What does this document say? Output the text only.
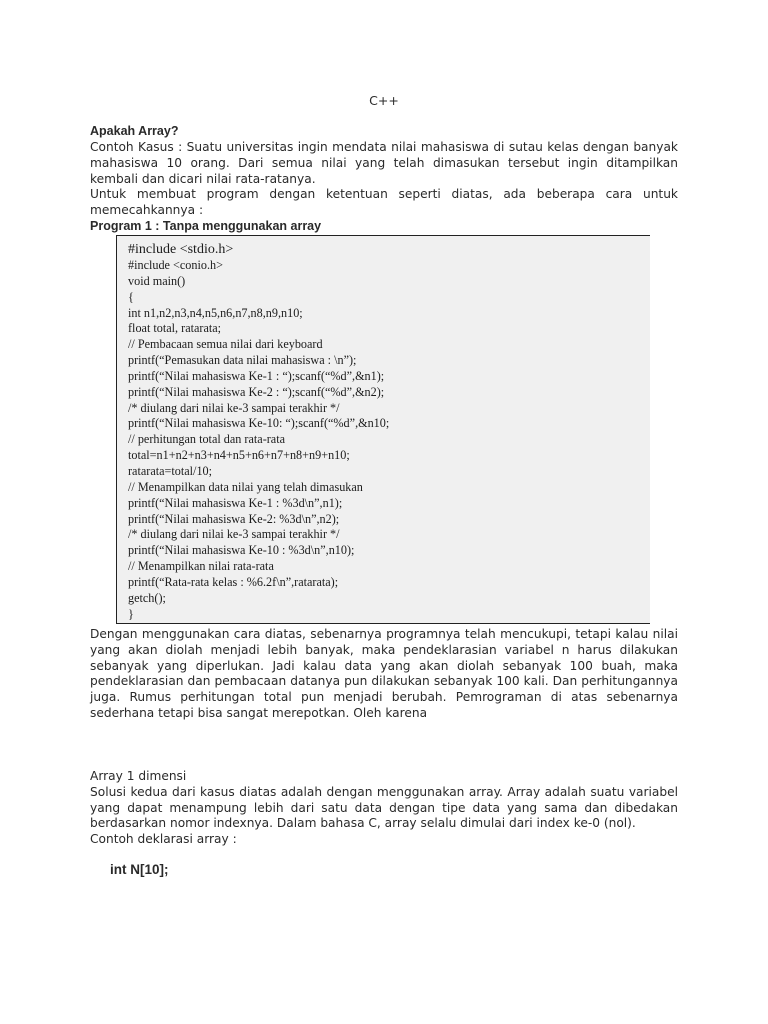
C++
Apakah Array?
Contoh Kasus : Suatu universitas ingin mendata nilai mahasiswa di sutau kelas dengan banyak mahasiswa 10 orang. Dari semua nilai yang telah dimasukan tersebut ingin ditampilkan kembali dan dicari nilai rata-ratanya.
Untuk membuat program dengan ketentuan seperti diatas, ada beberapa cara untuk memecahkannya :
Program 1 : Tanpa menggunakan array
#include <stdio.h>
#include <conio.h>
void main()
{
int n1,n2,n3,n4,n5,n6,n7,n8,n9,n10;
float total, ratarata;
// Pembacaan semua nilai dari keyboard
printf(“Pemasukan data nilai mahasiswa : \n”);
printf(“Nilai mahasiswa Ke-1 : “);scanf(“%d”,&n1);
printf(“Nilai mahasiswa Ke-2 : “);scanf(“%d”,&n2);
/* diulang dari nilai ke-3 sampai terakhir */
printf(“Nilai mahasiswa Ke-10: “);scanf(“%d”,&n10;
// perhitungan total dan rata-rata
total=n1+n2+n3+n4+n5+n6+n7+n8+n9+n10;
ratarata=total/10;
// Menampilkan data nilai yang telah dimasukan
printf(“Nilai mahasiswa Ke-1 : %3d\n”,n1);
printf(“Nilai mahasiswa Ke-2: %3d\n”,n2);
/* diulang dari nilai ke-3 sampai terakhir */
printf(“Nilai mahasiswa Ke-10 : %3d\n”,n10);
// Menampilkan nilai rata-rata
printf(“Rata-rata kelas : %6.2f\n”,ratarata);
getch();
}
Dengan menggunakan cara diatas, sebenarnya programnya telah mencukupi, tetapi kalau nilai yang akan diolah menjadi lebih banyak, maka pendeklarasian variabel n harus dilakukan sebanyak yang diperlukan. Jadi kalau data yang akan diolah sebanyak 100 buah, maka pendeklarasian dan pembacaan datanya pun dilakukan sebanyak 100 kali. Dan perhitungannya juga. Rumus perhitungan total pun menjadi berubah. Pemrograman di atas sebenarnya sederhana tetapi bisa sangat merepotkan. Oleh karena
Array 1 dimensi
Solusi kedua dari kasus diatas adalah dengan menggunakan array. Array adalah suatu variabel yang dapat menampung lebih dari satu data dengan tipe data yang sama dan dibedakan berdasarkan nomor indexnya. Dalam bahasa C, array selalu dimulai dari index ke-0 (nol).
Contoh deklarasi array :
int N[10];
